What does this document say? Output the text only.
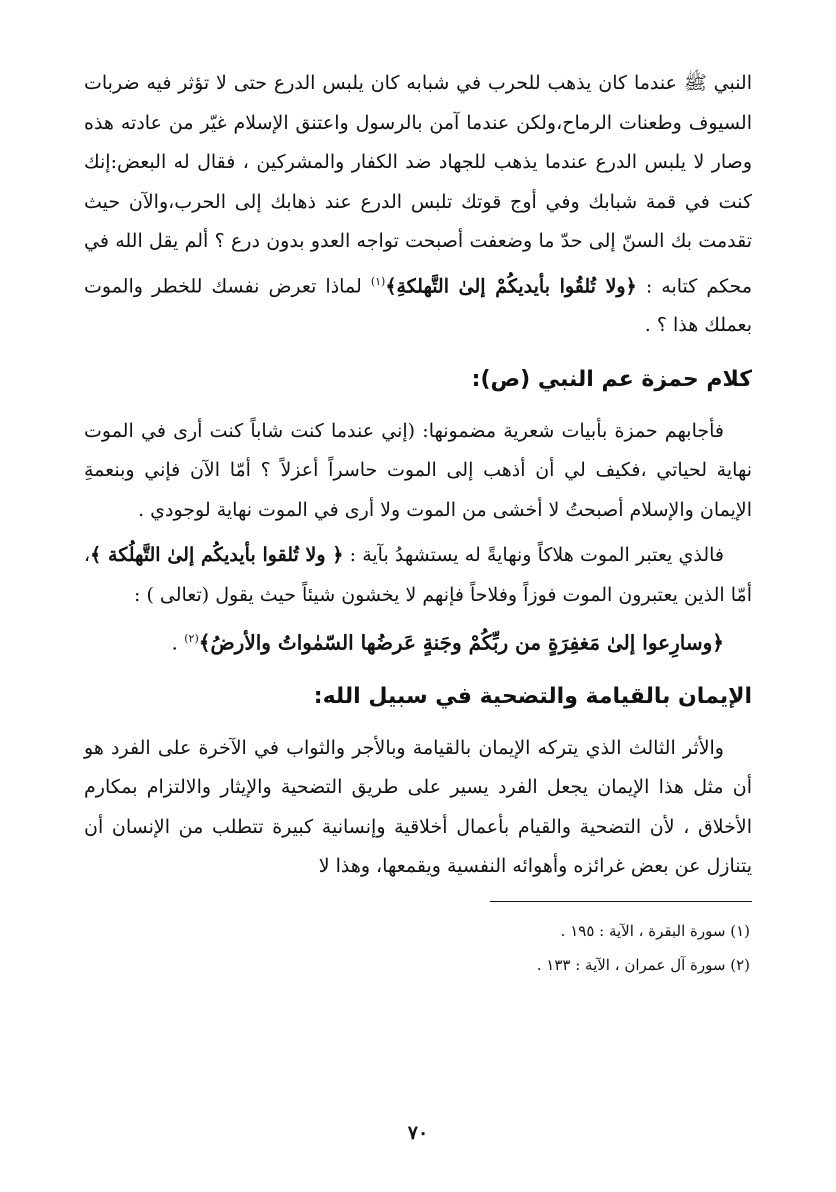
النبي ﷺ عندما كان يذهب للحرب في شبابه كان يلبس الدرع حتى لا تؤثر فيه ضربات السيوف وطعنات الرماح،ولكن عندما آمن بالرسول واعتنق الإسلام غيّر من عادته هذه وصار لا يلبس الدرع عندما يذهب للجهاد ضد الكفار والمشركين ، فقال له البعض:إنك كنت في قمة شبابك وفي أوج قوتك تلبس الدرع عند ذهابك إلى الحرب،والآن حيث تقدمت بك السنّ إلى حدّ ما وضعفت أصبحت تواجه العدو بدون درع ؟ ألم يقل الله في محكم كتابه : ﴿ولا تُلقُوا بأيديكُمْ إلىٰ التَّهلكةِ﴾$^{(١)}$ لماذا تعرض نفسك للخطر والموت بعملك هذا ؟ .

كلام حمزة عم النبي (ص):

فأجابهم حمزة بأبيات شعرية مضمونها: (إني عندما كنت شاباً كنت أرى في الموت نهاية لحياتي ،فكيف لي أن أذهب إلى الموت حاسراً أعزلاً ؟ أمّا الآن فإني وبنعمةِ الإيمان والإسلام أصبحتُ لا أخشى من الموت ولا أرى في الموت نهاية لوجودي .

فالذي يعتبر الموت هلاكاً ونهايةً له يستشهدُ بآية : ﴿ ولا تُلقوا بأيديكُم إلىٰ التَّهلُكة ﴾، أمّا الذين يعتبرون الموت فوزاً وفلاحاً فإنهم لا يخشون شيئاً حيث يقول (تعالى ) :

﴿وسارِعوا إلىٰ مَغفِرَةٍ من ربِّكُمْ وجَنةٍ عَرضُها السّمٰواتُ والأرضُ﴾$^{(٢)}$ .

الإيمان بالقيامة والتضحية في سبيل الله:

والأثر الثالث الذي يتركه الإيمان بالقيامة وبالأجر والثواب في الآخرة على الفرد هو أن مثل هذا الإيمان يجعل الفرد يسير على طريق التضحية والإيثار والالتزام بمكارم الأخلاق ، لأن التضحية والقيام بأعمال أخلاقية وإنسانية كبيرة تتطلب من الإنسان أن يتنازل عن بعض غرائزه وأهوائه النفسية ويقمعها، وهذا لا

(١) سورة البقرة ، الآية : ١٩٥ .

(٢) سورة آل عمران ، الآية : ١٣٣ .

٧٠
